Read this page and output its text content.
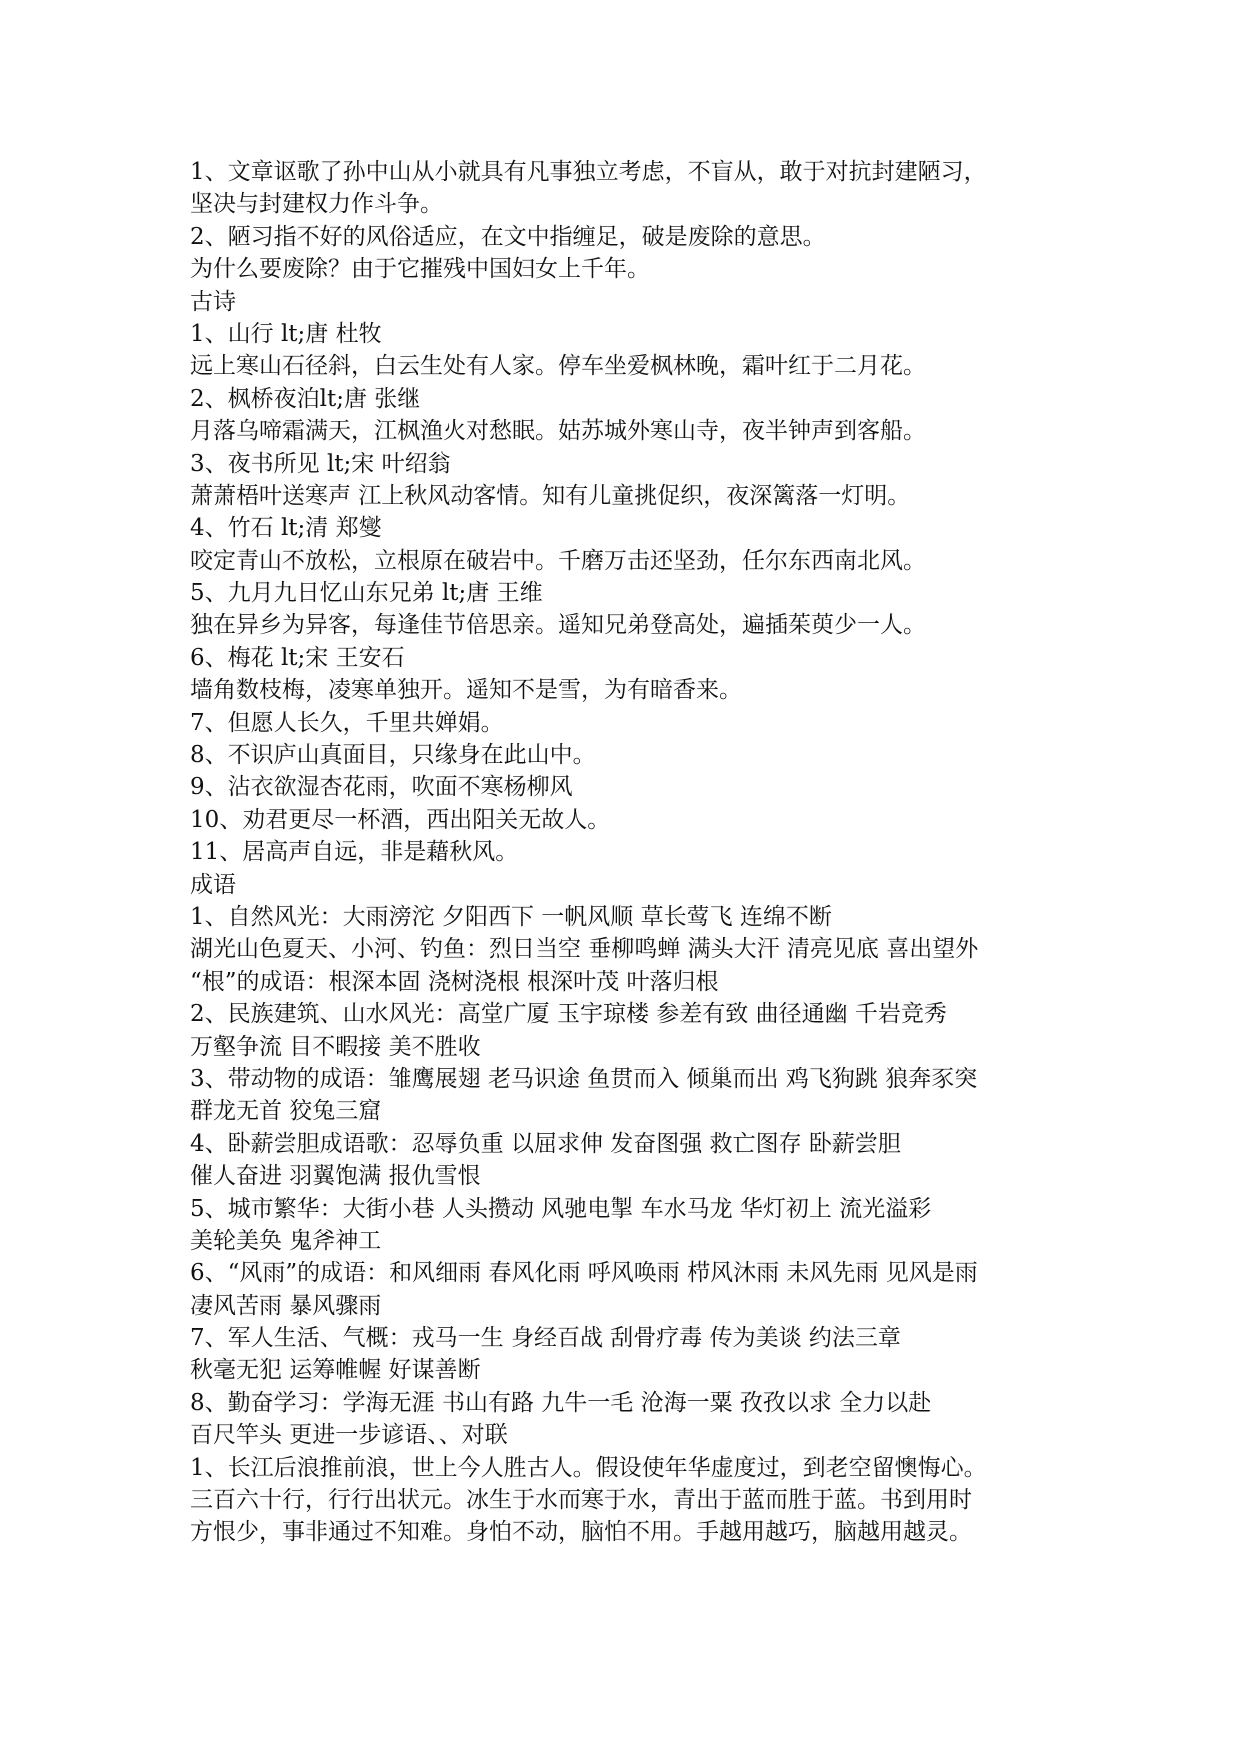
1、文章讴歌了孙中山从小就具有凡事独立考虑，不盲从，敢于对抗封建陋习，
坚决与封建权力作斗争。
2、陋习指不好的风俗适应，在文中指缠足，破是废除的意思。
为什么要废除？由于它摧残中国妇女上千年。
古诗
1、山行 lt;唐 杜牧
远上寒山石径斜，白云生处有人家。停车坐爱枫林晚，霜叶红于二月花。
2、枫桥夜泊lt;唐 张继
月落乌啼霜满天，江枫渔火对愁眠。姑苏城外寒山寺，夜半钟声到客船。
3、夜书所见 lt;宋 叶绍翁
萧萧梧叶送寒声 江上秋风动客情。知有儿童挑促织，夜深篱落一灯明。
4、竹石 lt;清 郑燮
咬定青山不放松，立根原在破岩中。千磨万击还坚劲，任尔东西南北风。
5、九月九日忆山东兄弟 lt;唐 王维
独在异乡为异客，每逢佳节倍思亲。遥知兄弟登高处，遍插茱萸少一人。
6、梅花 lt;宋 王安石
墙角数枝梅，凌寒单独开。遥知不是雪，为有暗香来。
7、但愿人长久，千里共婵娟。
8、不识庐山真面目，只缘身在此山中。
9、沾衣欲湿杏花雨，吹面不寒杨柳风
10、劝君更尽一杯酒，西出阳关无故人。
11、居高声自远，非是藉秋风。
成语
1、自然风光：大雨滂沱 夕阳西下 一帆风顺 草长莺飞 连绵不断
湖光山色夏天、小河、钓鱼：烈日当空 垂柳鸣蝉 满头大汗 清亮见底 喜出望外
“根”的成语：根深本固 浇树浇根 根深叶茂 叶落归根
2、民族建筑、山水风光：高堂广厦 玉宇琼楼 参差有致 曲径通幽 千岩竞秀
万壑争流 目不暇接 美不胜收
3、带动物的成语：雏鹰展翅 老马识途 鱼贯而入 倾巢而出 鸡飞狗跳 狼奔豕突
群龙无首 狡兔三窟
4、卧薪尝胆成语歌：忍辱负重 以屈求伸 发奋图强 救亡图存 卧薪尝胆
催人奋进 羽翼饱满 报仇雪恨
5、城市繁华：大街小巷 人头攒动 风驰电掣 车水马龙 华灯初上 流光溢彩
美轮美奂 鬼斧神工
6、“风雨”的成语：和风细雨 春风化雨 呼风唤雨 栉风沐雨 未风先雨 见风是雨
凄风苦雨 暴风骤雨
7、军人生活、气概：戎马一生 身经百战 刮骨疗毒 传为美谈 约法三章
秋毫无犯 运筹帷幄 好谋善断
8、勤奋学习：学海无涯 书山有路 九牛一毛 沧海一粟 孜孜以求 全力以赴
百尺竿头 更进一步谚语、、对联
1、长江后浪推前浪，世上今人胜古人。假设使年华虚度过，到老空留懊悔心。
三百六十行，行行出状元。冰生于水而寒于水，青出于蓝而胜于蓝。书到用时
方恨少，事非通过不知难。身怕不动，脑怕不用。手越用越巧，脑越用越灵。
